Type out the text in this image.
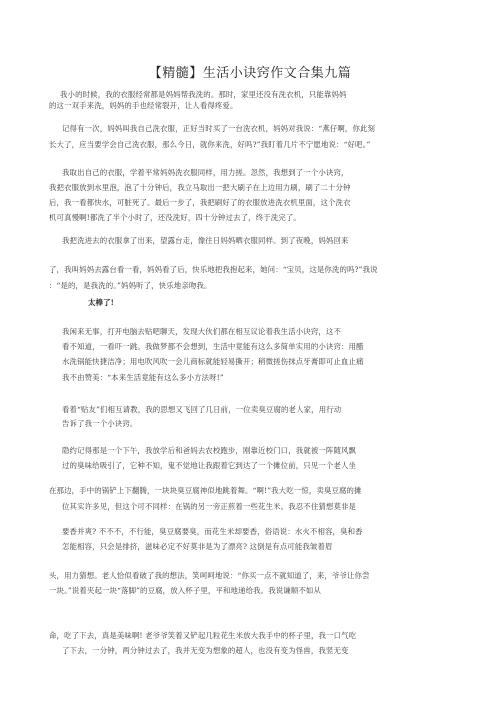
【精髓】生活小诀窍作文合集九篇
我小的时候，我的衣服经常都是妈妈帮我洗的。那时，家里还没有洗衣机，只能靠妈妈
的这一双手来洗，妈妈的手也经常裂开，让人看得疼爱。
记得有一次，妈妈叫我自己洗衣服，正好当时买了一台洗衣机，妈妈对我说：“燕仔啊，你此刻
长大了，应当要学会自己洗衣服，那么今日，就你来洗，好吗?”我盯着几片不宁愿地说：“好吧。”
我取出自己的衣服，学着平常妈妈洗衣服同样，用力搓。忽然，我想到了一个小诀窍，
我把衣服放到水里泡，泡了十分钟后，我立马取出一把大刷子在上边用力刷，刷了二十分钟
后，我一看都快水，可脏死了。最后一步了，我把刷好了的衣服放进洗衣机里面，这个洗衣
机可真慢啊!都洗了半个小时了，还没洗好，四十分钟过去了，终于洗完了。
我把洗进去的衣服拿了出来，望露台走，像往日妈妈晒衣服同样。到了夜晚，妈妈回来
了，我叫妈妈去露台看一看，妈妈看了后，快乐地把我抱起来，她问：“宝贝，这是你洗的吗?”我说
：“是的，是我洗的。”妈妈听了，快乐地亲吻我。
太棒了!
我闲来无事，打开电脑去贴吧聊天，发现大伙们都在相互议论着我生活小诀窍，这不
看不知道，一看吓一跳。我做梦都不会想到，生活中竟能有这么多简单实用的小诀窍：用醋
水洗锅能快捷洁净；用电吹风吹一会儿商标就能轻易撕开；稍微搓伤抹点牙膏即可止血止痛
我不由赞美：“本来生活竟能有这么多小方法呀!”
看着“贴友”们相互请教，我的思想又飞回了几日前，一位卖臭豆腐的老人家，用行动
告诉了我一个小诀窍。
隐约记得那是一个下午，我放学后和爸妈去农校跑步，刚靠近校门口，我就被一阵随风飘
过的臭味给吸引了，它种不知，鬼不觉地让我跟着它到达了一个摊位前，只见一个老人坐
在那边，手中的锅铲上下翻腾，一块块臭豆腐神似地跳着舞。“啊!”我大吃一惊，卖臭豆腐的摊
位其实许多见，但这个可不同样：在锅的另一旁正煎着一些花生米。我忍不住猜想莫非是
要香并爽? 不不不，不行能，臭豆腐要臭，而花生米却要香，俗语说：水火不相容，臭和香
怎能相容，只会是排挤，滋味必定不好莫非是为了漂亮? 这倒是有点可能我皱着眉
头，用力猜想。老人恰似看破了我的想法，笑呵呵地说：“你买一点不就知道了，来，爷爷让你尝
一块。”说着夹起一块“落脚”的豆腐，放入杯子里，平和地递给我。我说谦顺不如从
命，吃了下去，真是美味啊! 老爷爷笑着又铲起几粒花生米放大我手中的杯子里，我一口气吃
了下去，一分钟，两分钟过去了，我并无变为想象的超人，也没有变为怪兽，我竖无变
